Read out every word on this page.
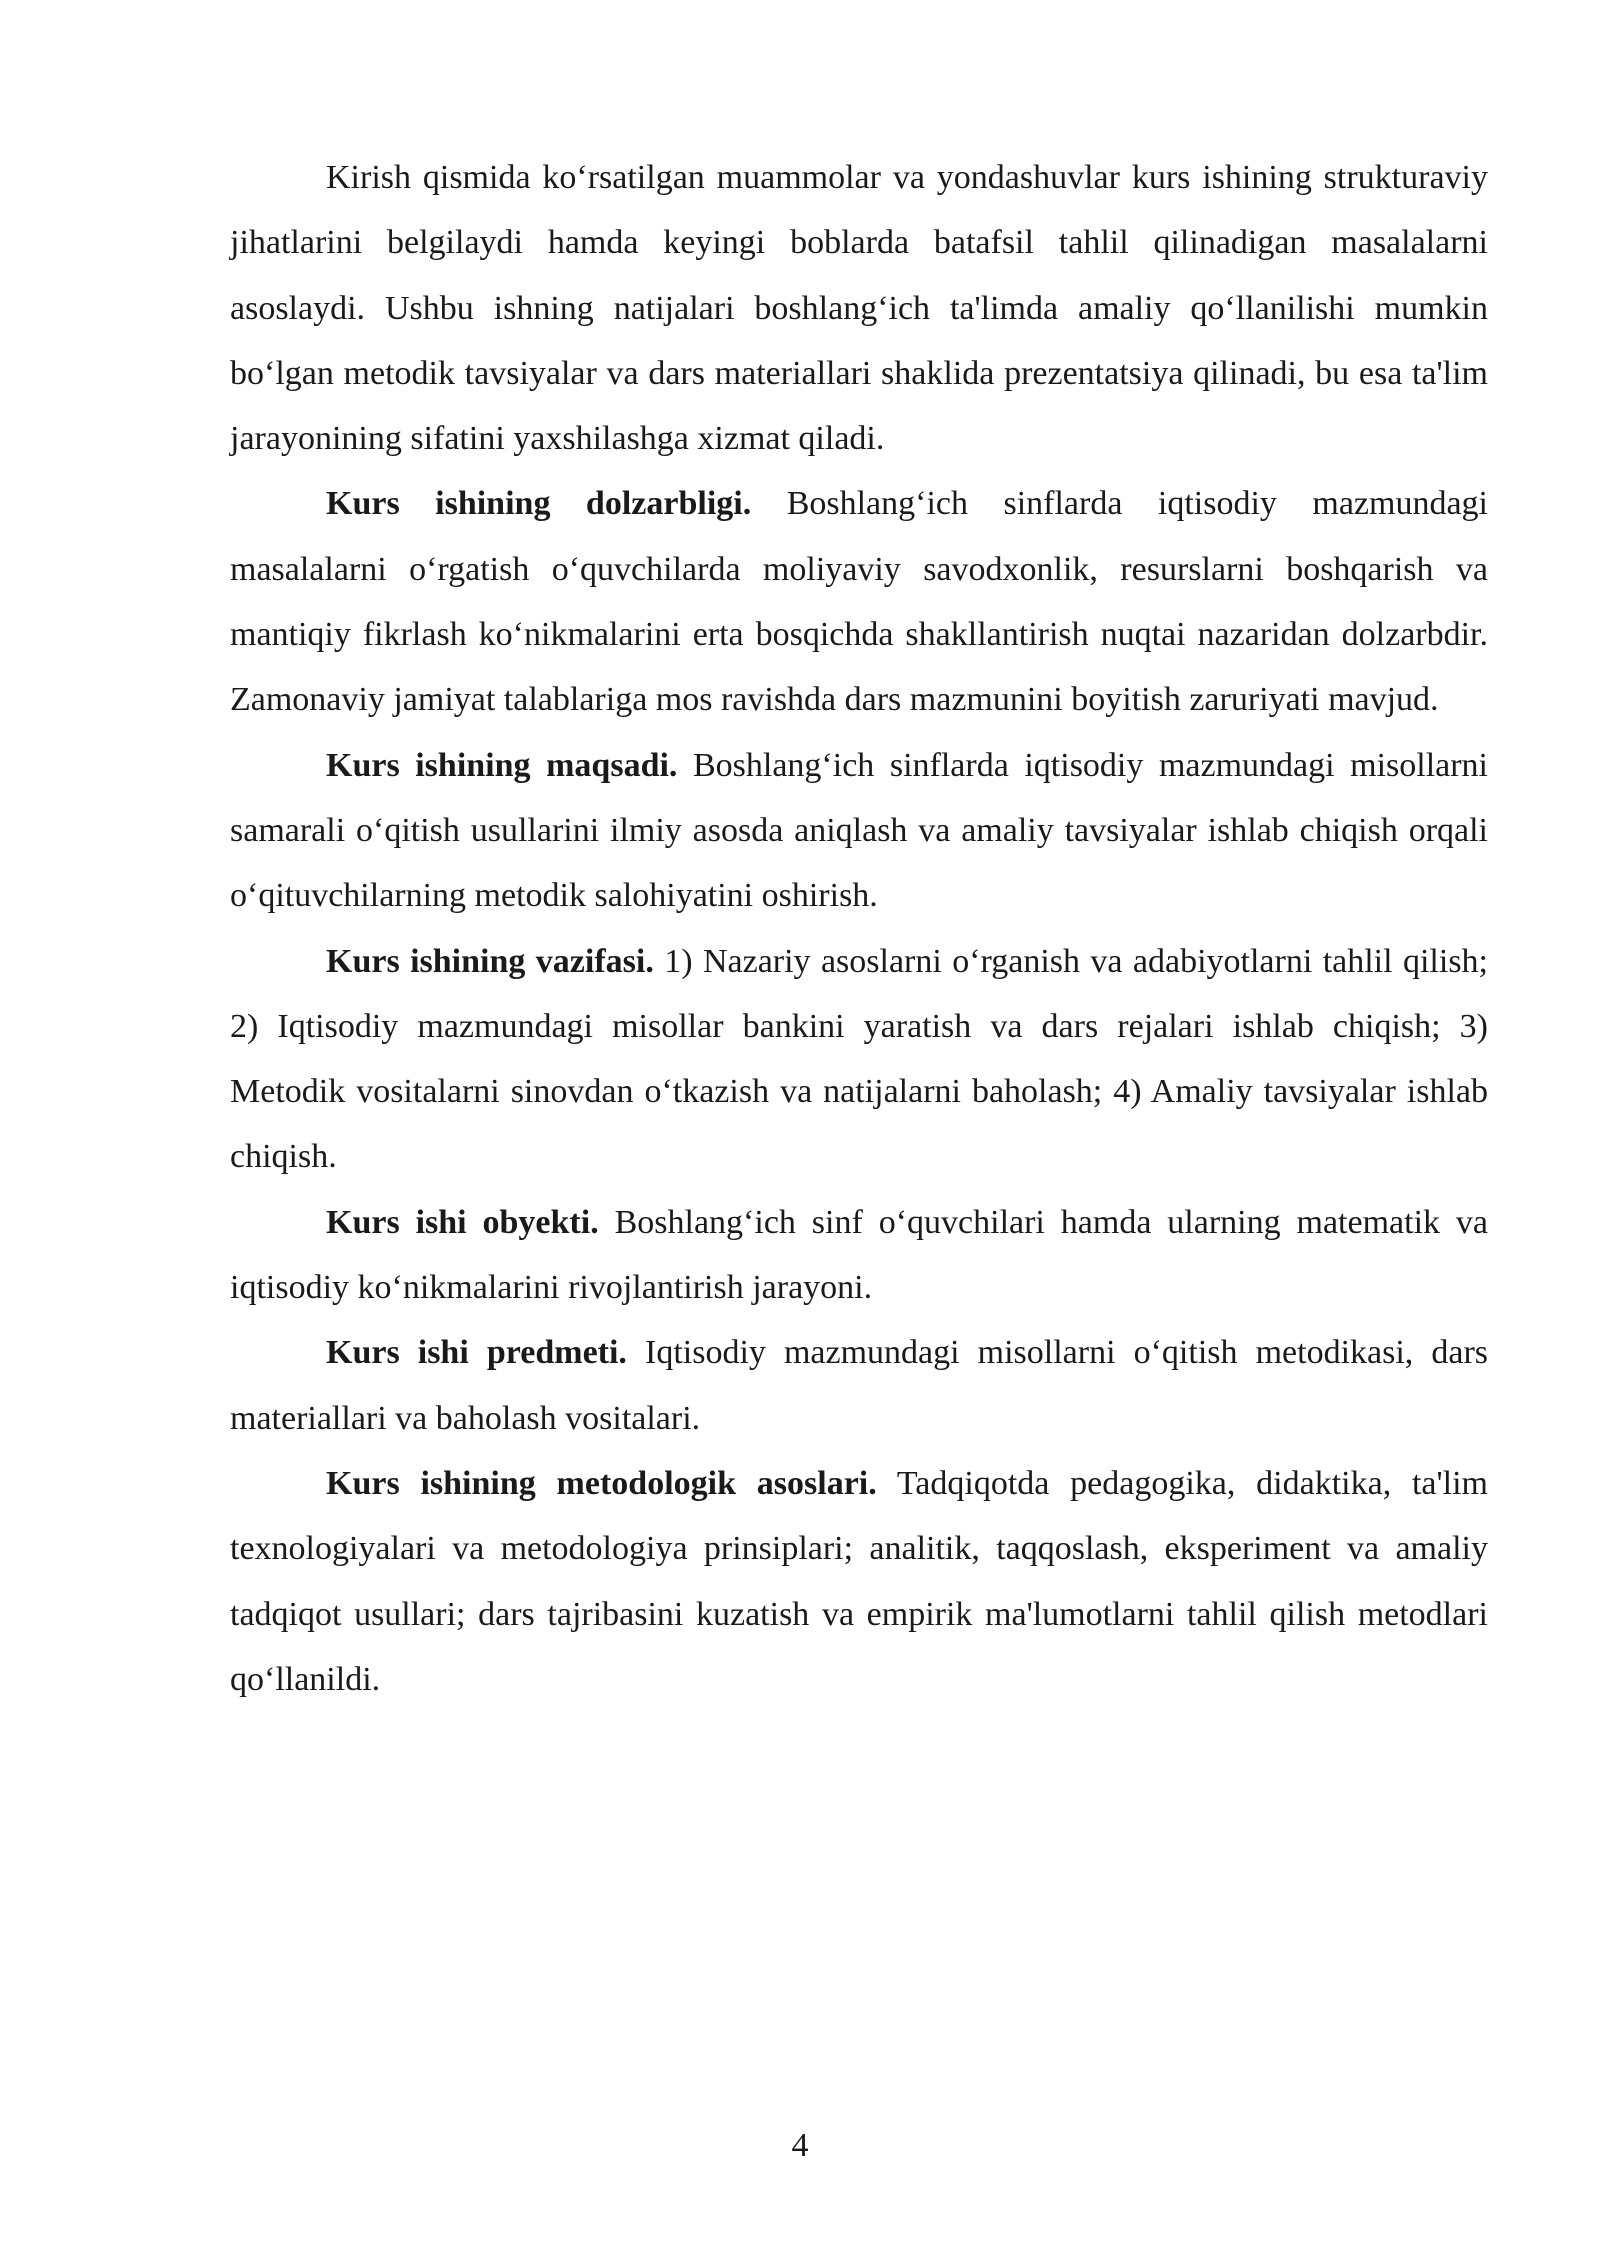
Kirish qismida ko‘rsatilgan muammolar va yondashuvlar kurs ishining strukturaviy jihatlarini belgilaydi hamda keyingi boblarda batafsil tahlil qilinadigan masalalarni asoslaydi. Ushbu ishning natijalari boshlang‘ich ta'limda amaliy qo‘llanilishi mumkin bo‘lgan metodik tavsiyalar va dars materiallari shaklida prezentatsiya qilinadi, bu esa ta'lim jarayonining sifatini yaxshilashga xizmat qiladi.

Kurs ishining dolzarbligi. Boshlang‘ich sinflarda iqtisodiy mazmundagi masalalarni o‘rgatish o‘quvchilarda moliyaviy savodxonlik, resurslarni boshqarish va mantiqiy fikrlash ko‘nikmalarini erta bosqichda shakllantirish nuqtai nazaridan dolzarbdir. Zamonaviy jamiyat talablariga mos ravishda dars mazmunini boyitish zaruriyati mavjud.

Kurs ishining maqsadi. Boshlang‘ich sinflarda iqtisodiy mazmundagi misollarni samarali o‘qitish usullarini ilmiy asosda aniqlash va amaliy tavsiyalar ishlab chiqish orqali o‘qituvchilarning metodik salohiyatini oshirish.

Kurs ishining vazifasi. 1) Nazariy asoslarni o‘rganish va adabiyotlarni tahlil qilish; 2) Iqtisodiy mazmundagi misollar bankini yaratish va dars rejalari ishlab chiqish; 3) Metodik vositalarni sinovdan o‘tkazish va natijalarni baholash; 4) Amaliy tavsiyalar ishlab chiqish.

Kurs ishi obyekti. Boshlang‘ich sinf o‘quvchilari hamda ularning matematik va iqtisodiy ko‘nikmalarini rivojlantirish jarayoni.

Kurs ishi predmeti. Iqtisodiy mazmundagi misollarni o‘qitish metodikasi, dars materiallari va baholash vositalari.

Kurs ishining metodologik asoslari. Tadqiqotda pedagogika, didaktika, ta'lim texnologiyalari va metodologiya prinsiplari; analitik, taqqoslash, eksperiment va amaliy tadqiqot usullari; dars tajribasini kuzatish va empirik ma'lumotlarni tahlil qilish metodlari qo‘llanildi.

4
